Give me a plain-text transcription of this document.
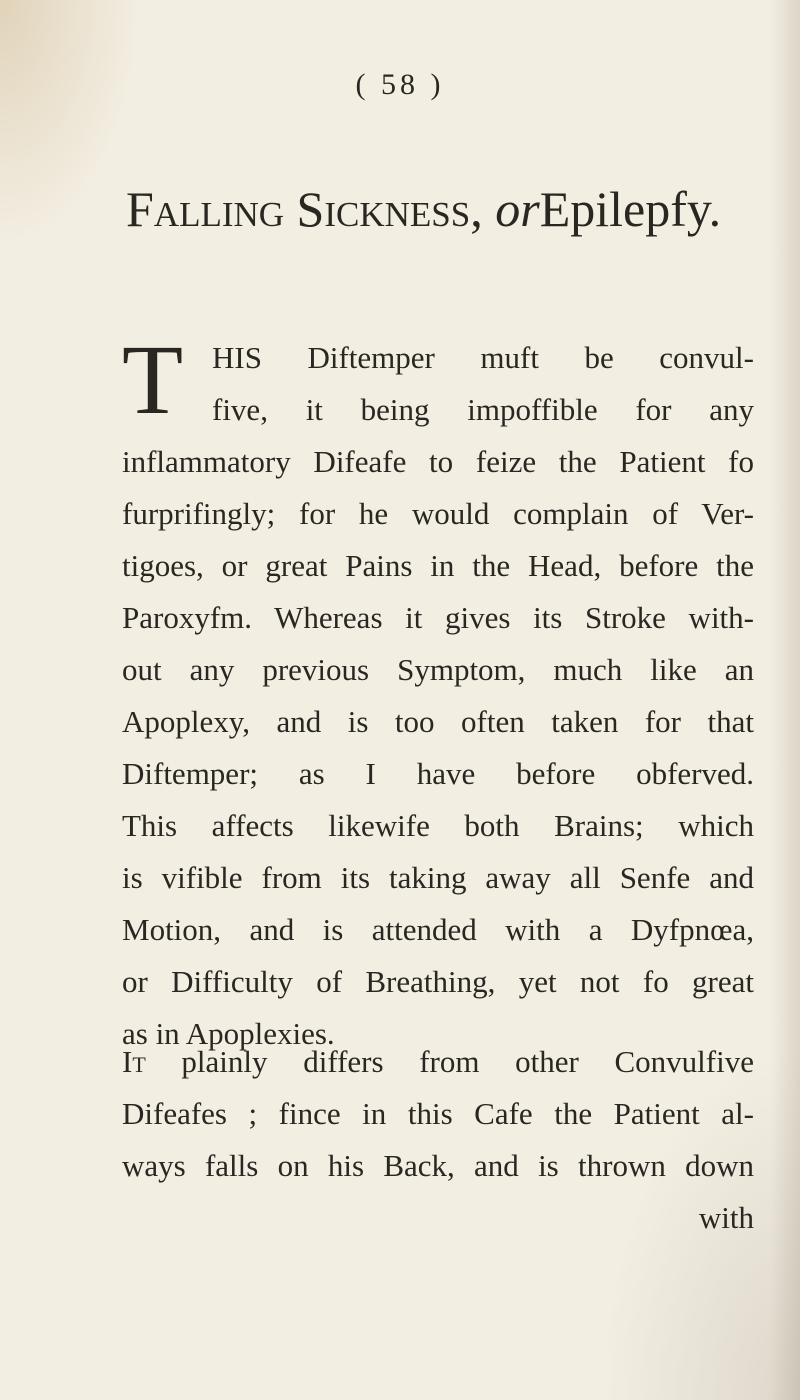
( 58 )
Falling Sickness, orEpilepfy.
T HIS Diftemper muft be convul-
five, it being impoffible for any
inflammatory Difeafe to feize the Patient fo
furprifingly; for he would complain of Ver-
tigoes, or great Pains in the Head, before the
Paroxyfm. Whereas it gives its Stroke with-
out any previous Symptom, much like an
Apoplexy, and is too often taken for that
Diftemper; as I have before obferved.
This affects likewife both Brains; which
is vifible from its taking away all Senfe and
Motion, and is attended with a Dyfpnœa,
or Difficulty of Breathing, yet not fo great
as in Apoplexies.
It plainly differs from other Convulfive
Difeafes ; fince in this Cafe the Patient al-
ways falls on his Back, and is thrown down
with
